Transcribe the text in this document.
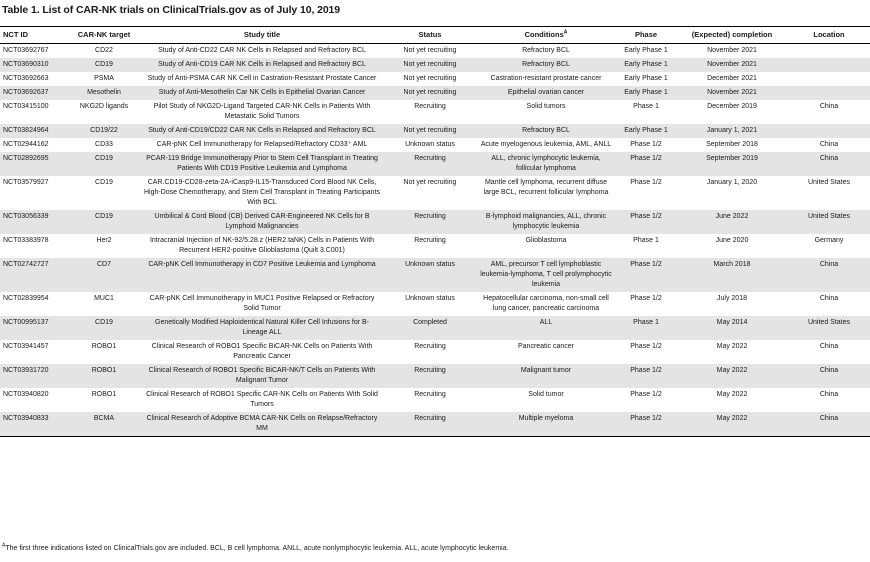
Table 1. List of CAR-NK trials on ClinicalTrials.gov as of July 10, 2019
NCT ID	CAR-NK target	Study title	Status	Conditions$^A$	Phase	(Expected) completion	Location
NCT03692767	CD22	Study of Anti-CD22 CAR NK Cells in Relapsed and Refractory BCL	Not yet recruiting	Refractory BCL	Early Phase 1	November 2021	
NCT03690310	CD19	Study of Anti-CD19 CAR NK Cells in Relapsed and Refractory BCL	Not yet recruiting	Refractory BCL	Early Phase 1	November 2021	
NCT03692663	PSMA	Study of Anti-PSMA CAR NK Cell in Castration-Resistant Prostate Cancer	Not yet recruiting	Castration-resistant prostate cancer	Early Phase 1	December 2021	
NCT03692637	Mesothelin	Study of Anti-Mesothelin Car NK Cells in Epithelial Ovarian Cancer	Not yet recruiting	Epithelial ovarian cancer	Early Phase 1	November 2021	
NCT03415100	NKG2D ligands	Pilot Study of NKG2D-Ligand Targeted CAR-NK Cells in Patients With Metastatic Solid Tumors	Recruiting	Solid tumors	Phase 1	December 2019	China
NCT03824964	CD19/22	Study of Anti-CD19/CD22 CAR NK Cells in Relapsed and Refractory BCL	Not yet recruiting	Refractory BCL	Early Phase 1	January 1, 2021	
NCT02944162	CD33	CAR-pNK Cell Immunotherapy for Relapsed/Refractory CD33⁺ AML	Unknown status	Acute myelogenous leukemia, AML, ANLL	Phase 1/2	September 2018	China
NCT02892695	CD19	PCAR-119 Bridge Immunotherapy Prior to Stem Cell Transplant in Treating Patients With CD19 Positive Leukemia and Lymphoma	Recruiting	ALL, chronic lymphocytic leukemia, follicular lymphoma	Phase 1/2	September 2019	China
NCT03579927	CD19	CAR.CD19-CD28-zeta-2A-iCasp9-IL15-Transduced Cord Blood NK Cells, High-Dose Chemotherapy, and Stem Cell Transplant in Treating Participants With BCL	Not yet recruiting	Mantle cell lymphoma, recurrent diffuse large BCL, recurrent follicular lymphoma	Phase 1/2	January 1, 2020	United States
NCT03056339	CD19	Umbilical & Cord Blood (CB) Derived CAR-Engineered NK Cells for B Lymphoid Malignancies	Recruiting	B-lymphoid malignancies, ALL, chronic lymphocytic leukemia	Phase 1/2	June 2022	United States
NCT03383978	Her2	Intracranial Injection of NK-92/5.28.z (HER2.taNK) Cells in Patients With Recurrent HER2-positive Glioblastoma (Quilt 3.C001)	Recruiting	Glioblastoma	Phase 1	June 2020	Germany
NCT02742727	CD7	CAR-pNK Cell Immunotherapy in CD7 Positive Leukemia and Lymphoma	Unknown status	AML, precursor T cell lymphoblastic leukemia-lymphoma, T cell prolymphocytic leukemia	Phase 1/2	March 2018	China
NCT02839954	MUC1	CAR-pNK Cell Immunotherapy in MUC1 Positive Relapsed or Refractory Solid Tumor	Unknown status	Hepatocellular carcinoma, non-small cell lung cancer, pancreatic carcinoma	Phase 1/2	July 2018	China
NCT00995137	CD19	Genetically Modified Haploidentical Natural Killer Cell Infusions for B-Lineage ALL	Completed	ALL	Phase 1	May 2014	United States
NCT03941457	ROBO1	Clinical Research of ROBO1 Specific BiCAR-NK Cells on Patients With Pancreatic Cancer	Recruiting	Pancreatic cancer	Phase 1/2	May 2022	China
NCT03931720	ROBO1	Clinical Research of ROBO1 Specific BiCAR-NK/T Cells on Patients With Malignant Tumor	Recruiting	Malignant tumor	Phase 1/2	May 2022	China
NCT03940820	ROBO1	Clinical Research of ROBO1 Specific CAR-NK Cells on Patients With Solid Tumors	Recruiting	Solid tumor	Phase 1/2	May 2022	China
NCT03940833	BCMA	Clinical Research of Adoptive BCMA CAR-NK Cells on Relapse/Refractory MM	Recruiting	Multiple myeloma	Phase 1/2	May 2022	China
$^A$The first three indications listed on ClinicalTrials.gov are included. BCL, B cell lymphoma. ANLL, acute nonlymphocytic leukemia. ALL, acute lymphocytic leukemia.
